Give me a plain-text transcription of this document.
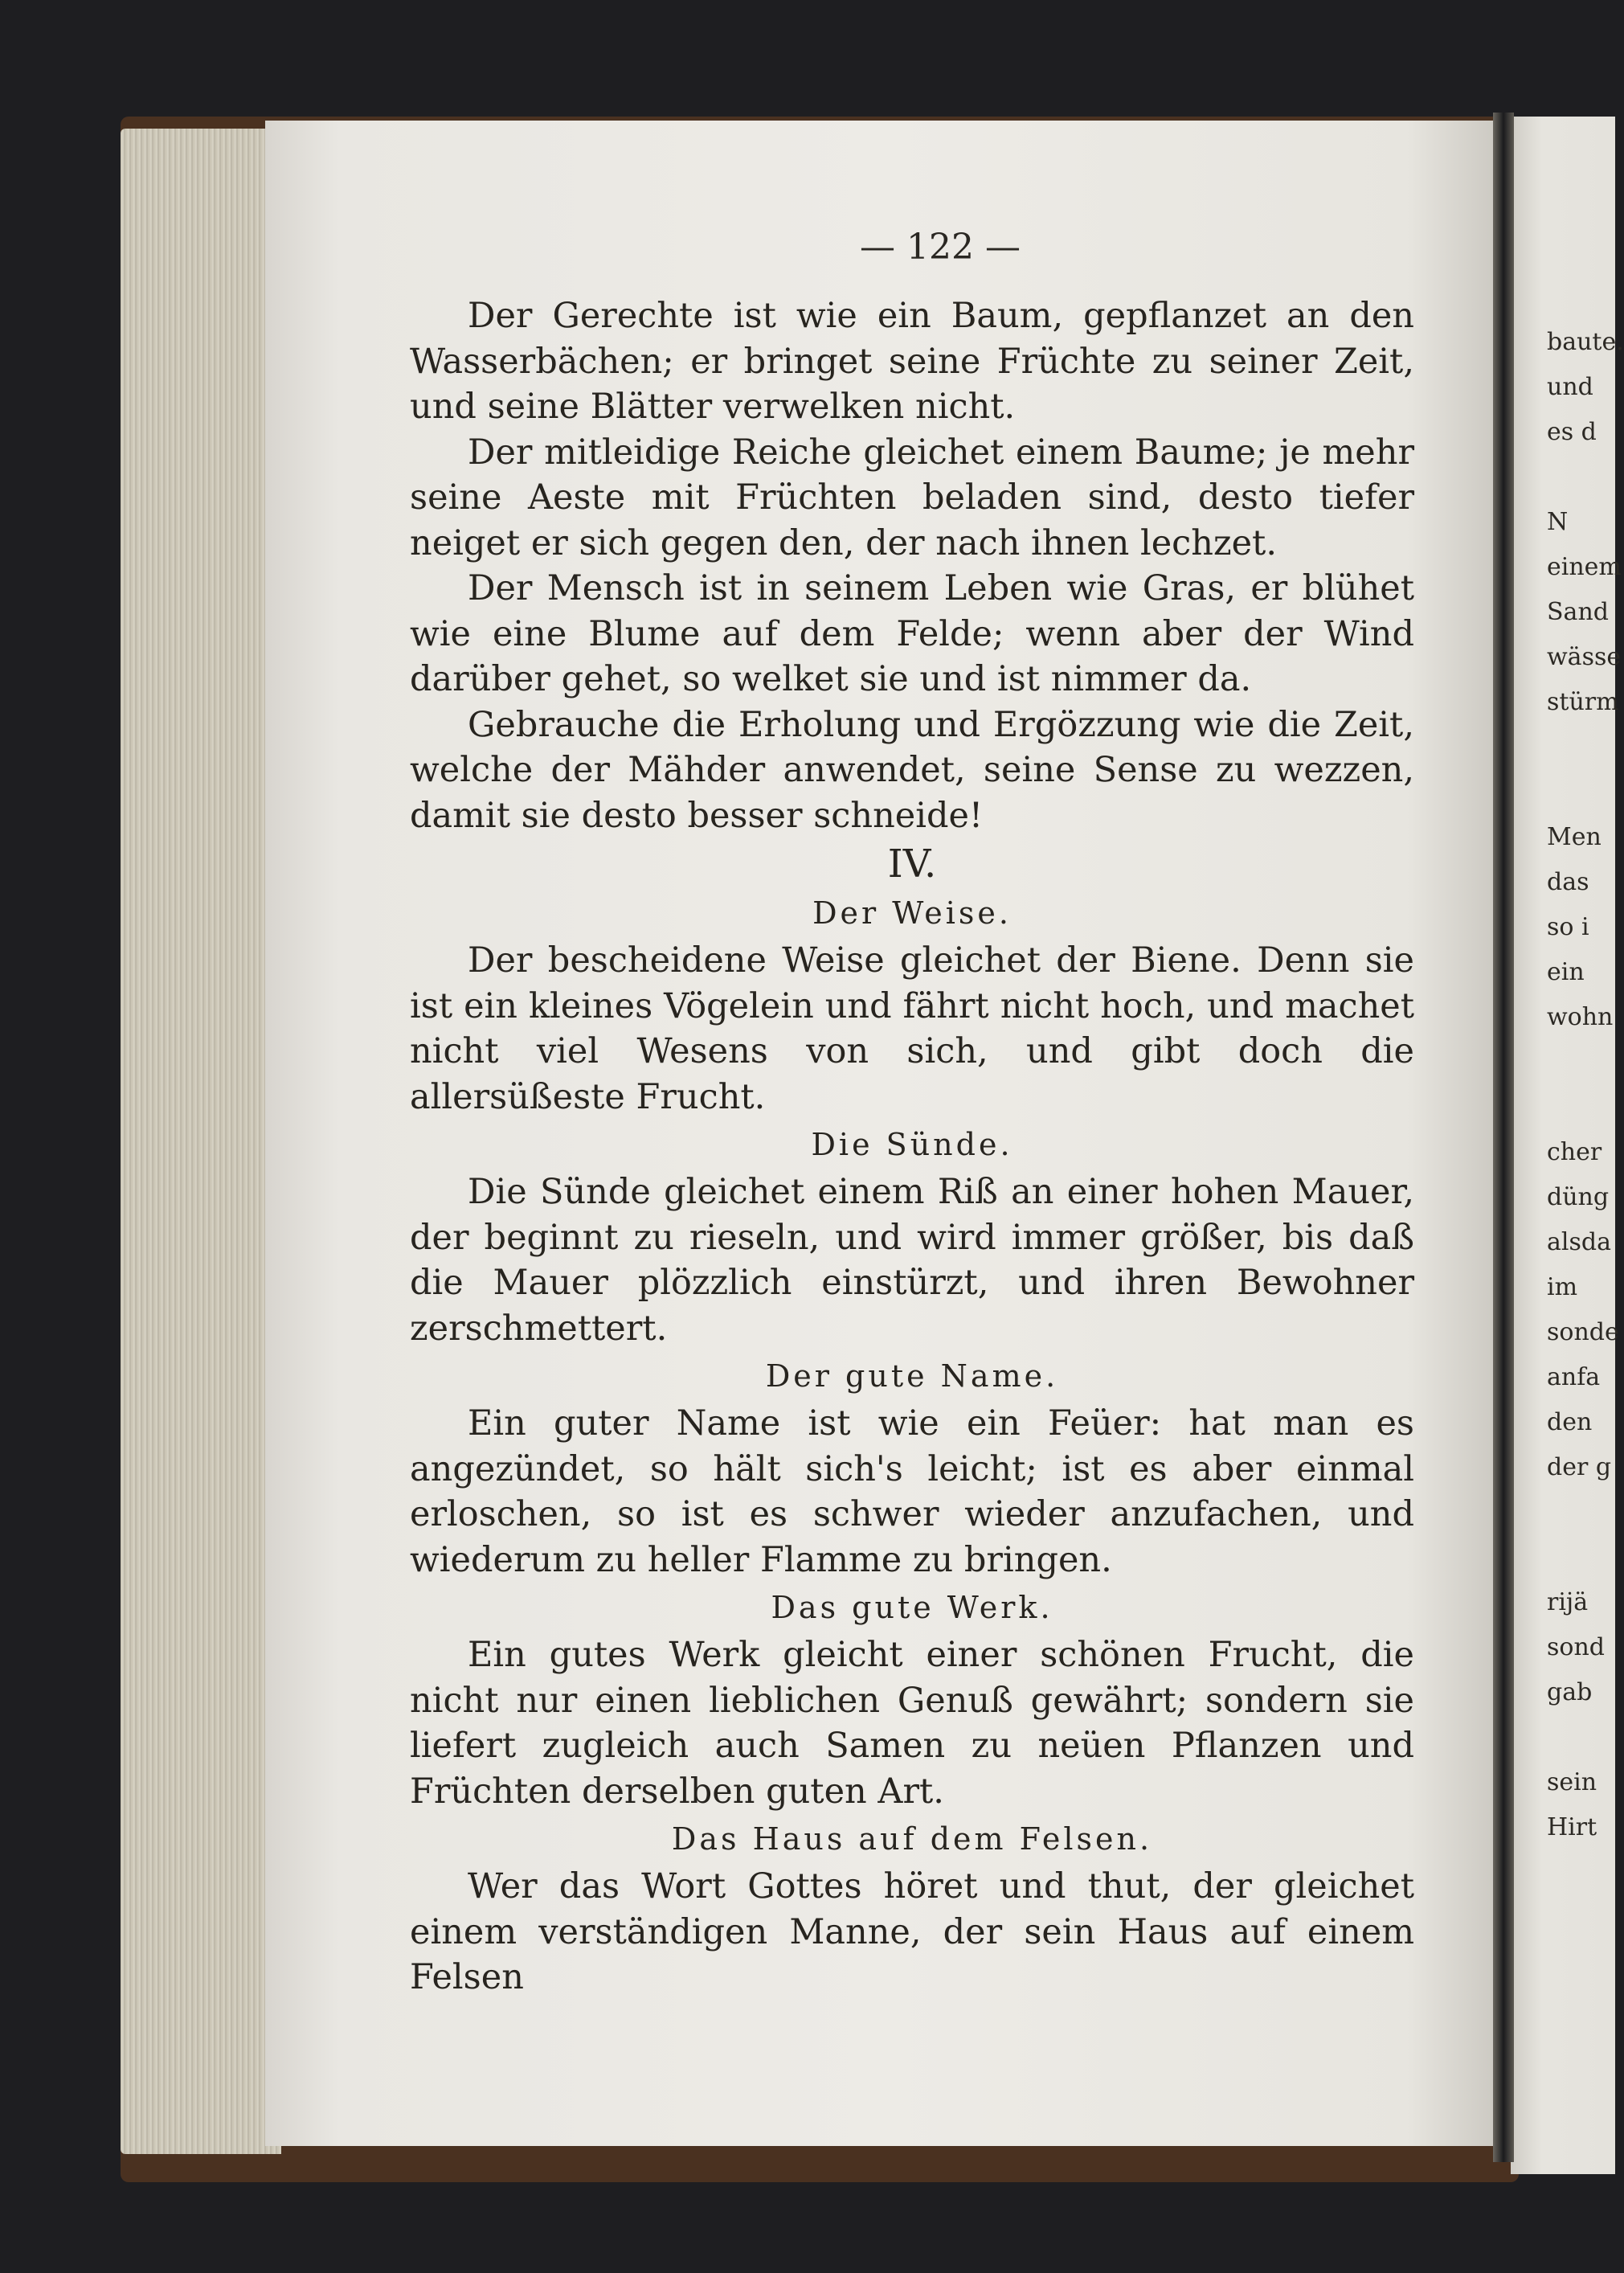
— 122 —

Der Gerechte ist wie ein Baum, gepflanzet an den Wasserbächen; er bringet seine Früchte zu seiner Zeit, und seine Blätter verwelken nicht.

Der mitleidige Reiche gleichet einem Baume; je mehr seine Aeste mit Früchten beladen sind, desto tiefer neiget er sich gegen den, der nach ihnen lechzet.

Der Mensch ist in seinem Leben wie Gras, er blühet wie eine Blume auf dem Felde; wenn aber der Wind darüber gehet, so welket sie und ist nimmer da.

Gebrauche die Erholung und Ergözzung wie die Zeit, welche der Mähder anwendet, seine Sense zu wezzen, damit sie desto besser schneide!

IV.
Der Weise.

Der bescheidene Weise gleichet der Biene. Denn sie ist ein kleines Vögelein und fährt nicht hoch, und machet nicht viel Wesens von sich, und gibt doch die allersüßeste Frucht.

Die Sünde.

Die Sünde gleichet einem Riß an einer hohen Mauer, der beginnt zu rieseln, und wird immer größer, bis daß die Mauer plözzlich einstürzt, und ihren Bewohner zerschmettert.

Der gute Name.

Ein guter Name ist wie ein Feüer: hat man es angezündet, so hält sich's leicht; ist es aber einmal erloschen, so ist es schwer wieder anzufachen, und wiederum zu heller Flamme zu bringen.

Das gute Werk.

Ein gutes Werk gleicht einer schönen Frucht, die nicht nur einen lieblichen Genuß gewährt; sondern sie liefert zugleich auch Samen zu neüen Pflanzen und Früchten derselben guten Art.

Das Haus auf dem Felsen.

Wer das Wort Gottes höret und thut, der gleichet einem verständigen Manne, der sein Haus auf einem Felsen

baute.
und
es d
N
einem
Sand
wässe
stürm
Men
das
so i
ein
wohn
cher
düng
alsda
im
sonde
anfa
den
der g
rijä
sond
gab
sein
Hirt
